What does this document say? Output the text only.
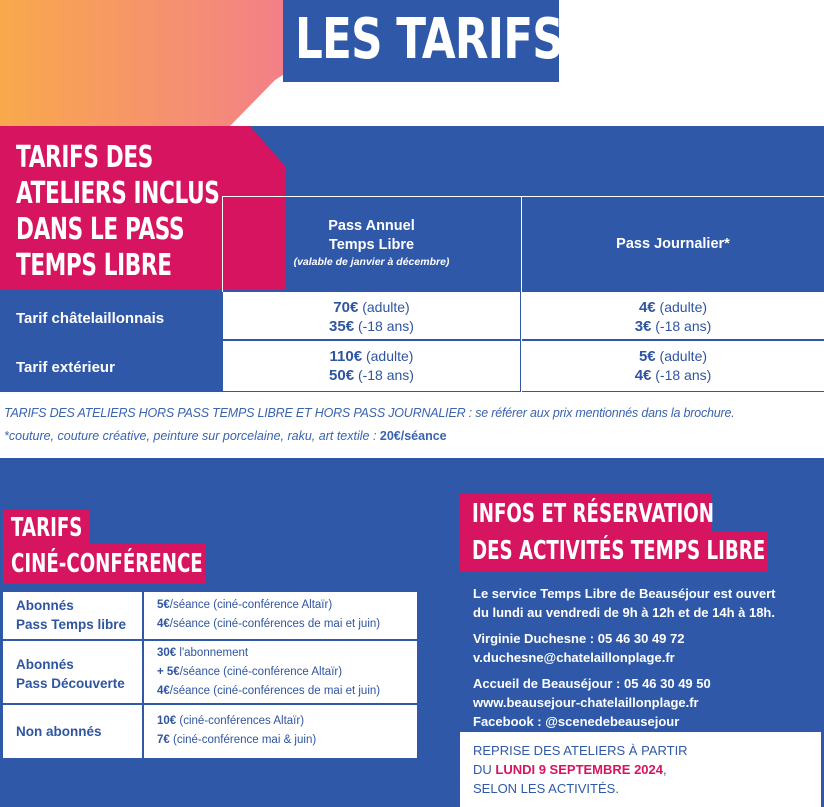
LES TARIFS
TARIFS DES
ATELIERS INCLUS
DANS LE PASS
TEMPS LIBRE
Pass Annuel
Temps Libre
(valable de janvier à décembre)
Pass Journalier*
Tarif châtelaillonnais
70€ (adulte)
35€ (-18 ans)
4€ (adulte)
3€ (-18 ans)
Tarif extérieur
110€ (adulte)
50€ (-18 ans)
5€ (adulte)
4€ (-18 ans)
TARIFS DES ATELIERS HORS PASS TEMPS LIBRE ET HORS PASS JOURNALIER : se référer aux prix mentionnés dans la brochure.
*couture, couture créative, peinture sur porcelaine, raku, art textile : 20€/séance
TARIFS
CINÉ-CONFÉRENCE
Abonnés
Pass Temps libre
5€/séance (ciné-conférence Altaïr)
4€/séance (ciné-conférences de mai et juin)
Abonnés
Pass Découverte
30€ l'abonnement
+ 5€/séance (ciné-conférence Altaïr)
4€/séance (ciné-conférences de mai et juin)
Non abonnés
10€ (ciné-conférences Altaïr)
7€ (ciné-conférence mai & juin)
INFOS ET RÉSERVATION
DES ACTIVITÉS TEMPS LIBRE
Le service Temps Libre de Beauséjour est ouvert
du lundi au vendredi de 9h à 12h et de 14h à 18h.
Virginie Duchesne : 05 46 30 49 72
v.duchesne@chatelaillonplage.fr
Accueil de Beauséjour : 05 46 30 49 50
www.beausejour-chatelaillonplage.fr
Facebook : @scenedebeausejour
REPRISE DES ATELIERS À PARTIR
DU LUNDI 9 SEPTEMBRE 2024,
SELON LES ACTIVITÉS.
